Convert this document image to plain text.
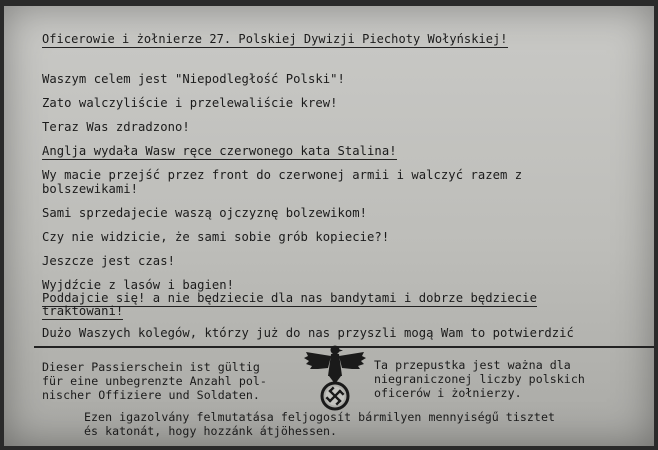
Oficerowie i żołnierze 27. Polskiej Dywizji Piechoty Wołyńskiej!
Waszym celem jest "Niepodległość Polski"!
Zato walczyliście i przelewaliście krew!
Teraz Was zdradzono!
Anglja wydała Wasw ręce czerwonego kata Stalina!
Wy macie przejść przez front do czerwonej armii i walczyć razem z
bolszewikami!
Sami sprzedajecie waszą ojczyznę bolzewikom!
Czy nie widzicie, że sami sobie grób kopiecie?!
Jeszcze jest czas!
Wyjdźcie z lasów i bagien!
Poddajcie się! a nie będziecie dla nas bandytami i dobrze będziecie
traktowani!
Dużo Waszych kolegów, którzy już do nas przyszli mogą Wam to potwierdzić
Dieser Passierschein ist gültig
für eine unbegrenzte Anzahl pol-
nischer Offiziere und Soldaten.
Ta przepustka jest ważna dla
niegraniczonej liczby polskich
oficerów i żołnierzy.
Ezen igazolvány felmutatása feljogosít bármilyen mennyiségű tisztet
és katonát, hogy hozzánk átjöhessen.
